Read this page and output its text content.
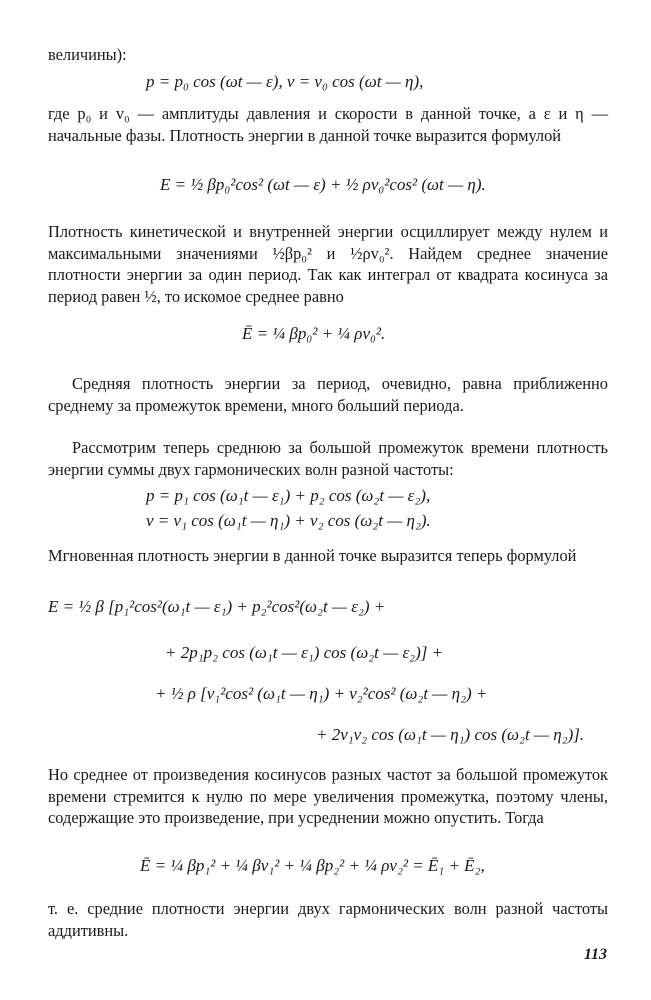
величины):

p = p₀ cos (ωt — ε), v = v₀ cos (ωt — η),

где p₀ и v₀ — амплитуды давления и скорости в данной точке, а ε и η — начальные фазы. Плотность энергии в данной точке выразится формулой

E = ½ βp₀²cos² (ωt — ε) + ½ ρv₀²cos² (ωt — η).

Плотность кинетической и внутренней энергии осциллирует между нулем и максимальными значениями ½βp₀² и ½ρv₀². Найдем среднее значение плотности энергии за один период. Так как интеграл от квадрата косинуса за период равен ½, то искомое среднее равно

Ē = ¼ βp₀² + ¼ ρv₀².

Средняя плотность энергии за период, очевидно, равна приближенно среднему за промежуток времени, много больший периода.

Рассмотрим теперь среднюю за большой промежуток времени плотность энергии суммы двух гармонических волн разной частоты:

p = p₁ cos (ω₁t — ε₁) + p₂ cos (ω₂t — ε₂),

v = v₁ cos (ω₁t — η₁) + v₂ cos (ω₂t — η₂).

Мгновенная плотность энергии в данной точке выразится теперь формулой

E = ½ β [p₁²cos²(ω₁t — ε₁) + p₂²cos²(ω₂t — ε₂) +

+ 2p₁p₂ cos (ω₁t — ε₁) cos (ω₂t — ε₂)] +

+ ½ ρ [v₁²cos² (ω₁t — η₁) + v₂²cos² (ω₂t — η₂) +

+ 2v₁v₂ cos (ω₁t — η₁) cos (ω₂t — η₂)].

Но среднее от произведения косинусов разных частот за большой промежуток времени стремится к нулю по мере увеличения промежутка, поэтому члены, содержащие это произведение, при усреднении можно опустить. Тогда

Ē = ¼ βp₁² + ¼ βv₁² + ¼ βp₂² + ¼ ρv₂² = Ē₁ + Ē₂,

т. е. средние плотности энергии двух гармонических волн разной частоты аддитивны.

113
